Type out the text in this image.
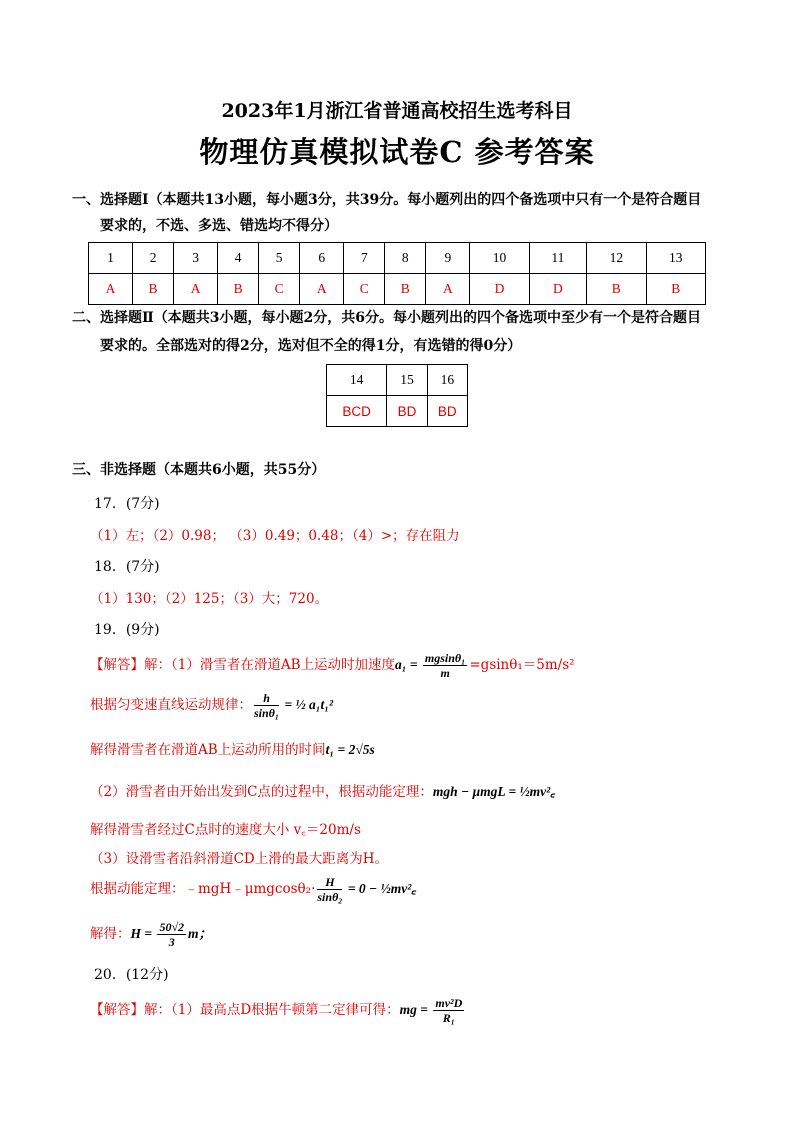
2023年1月浙江省普通高校招生选考科目
物理仿真模拟试卷C 参考答案
一、选择题Ⅰ（本题共13小题，每小题3分，共39分。每小题列出的四个备选项中只有一个是符合题目
要求的，不选、多选、错选均不得分）
1	2	3	4	5	6	7	8	9	10	11	12	13
A	B	A	B	C	A	C	B	A	D	D	B	B
二、选择题Ⅱ（本题共3小题，每小题2分，共6分。每小题列出的四个备选项中至少有一个是符合题目
要求的。全部选对的得2分，选对但不全的得1分，有选错的得0分）
14	15	16
BCD	BD	BD
三、非选择题（本题共6小题，共55分）
17．(7分)
（1）左；（2）0.98； （3）0.49；0.48；（4）>；存在阻力
18．(7分)
（1）130；（2）125；（3）大；720。
19．(9分)
【解答】解：（1）滑雪者在滑道AB上运动时加速度$a_1 = \frac{\text{mgsinθ₁}}{m} =gsin\theta_1=5m/s^2$
根据匀变速直线运动规律： $\frac{h}{\text{sinθ₁}}$ = ½ a₁t₁²
解得滑雪者在滑道AB上运动所用的时间t₁ = 2√5s
（2）滑雪者由开始出发到C点的过程中，根据动能定理：mgh − μmgL = ½mv²꜀
解得滑雪者经过C点时的速度大小 v꜀＝20m/s
（3）设滑雪者沿斜滑道CD上滑的最大距离为H。
根据动能定理：﹣mgH﹣μmgcosθ₂· $\frac{H}{\text{sinθ₂}} = 0$ − ½mv²꜀
解得：$H = \frac{50√2}{3}$ m；
20．(12分)
【解答】解：（1）最高点D根据牛顿第二定律可得：mg = $\frac{\text{mv²D}}{\text{R₁}}$
